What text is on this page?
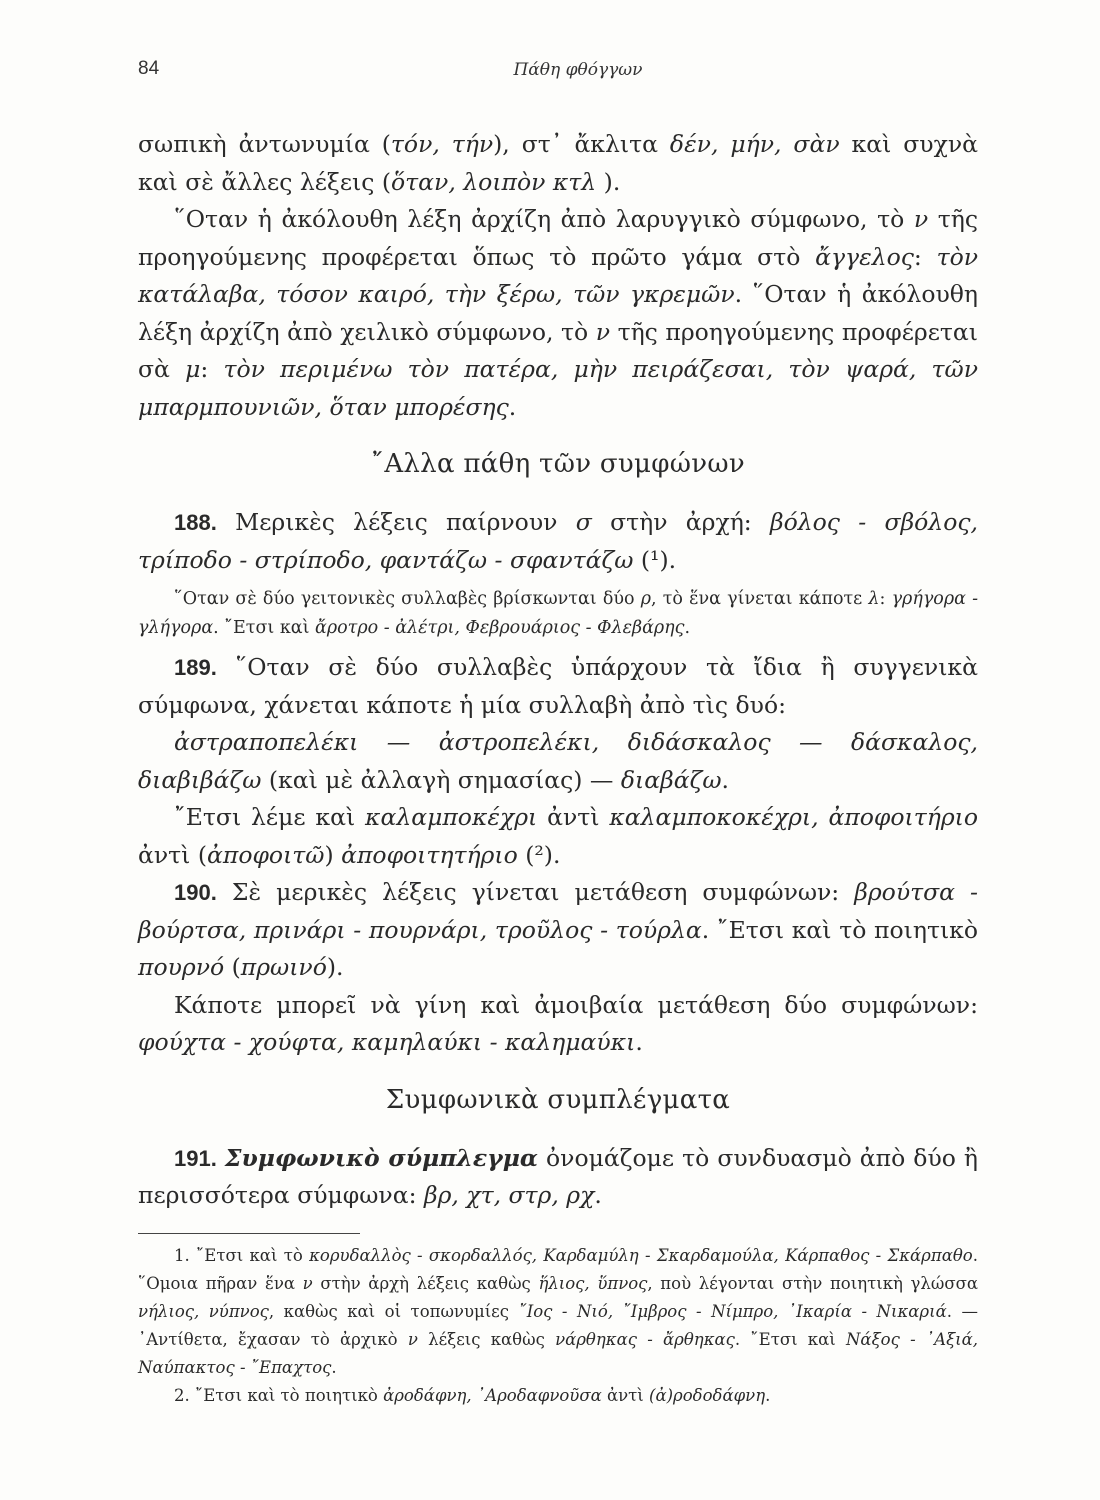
84	Πάθη φθόγγων

σωπικὴ ἀντωνυμία (τόν, τήν), στ᾿ ἄκλιτα δέν, μήν, σὰν καὶ συχνὰ καὶ σὲ ἄλλες λέξεις (ὅταν, λοιπὸν κτλ ).

῞Οταν ἡ ἀκόλουθη λέξη ἀρχίζη ἀπὸ λαρυγγικὸ σύμφωνο, τὸ ν τῆς προηγούμενης προφέρεται ὅπως τὸ πρῶτο γάμα στὸ ἄγγελος: τὸν κατάλαβα, τόσον καιρό, τὴν ξέρω, τῶν γκρεμῶν. ῞Οταν ἡ ἀκόλουθη λέξη ἀρχίζη ἀπὸ χειλικὸ σύμφωνο, τὸ ν τῆς προηγούμενης προφέρεται σὰ μ: τὸν περιμένω τὸν πατέρα, μὴν πειράζεσαι, τὸν ψαρά, τῶν μπαρμπουνιῶν, ὅταν μπορέσης.

῎Αλλα πάθη τῶν συμφώνων

188. Μερικὲς λέξεις παίρνουν σ στὴν ἀρχή: βόλος - σβόλος, τρίποδο - στρίποδο, φαντάζω - σφαντάζω (¹).

῞Οταν σὲ δύο γειτονικὲς συλλαβὲς βρίσκωνται δύο ρ, τὸ ἕνα γίνεται κάποτε λ: γρήγορα - γλήγορα. ῎Ετσι καὶ ἄροτρο - ἀλέτρι, Φεβρουάριος - Φλεβάρης.

189. ῞Οταν σὲ δύο συλλαβὲς ὑπάρχουν τὰ ἴδια ἢ συγγενικὰ σύμφωνα, χάνεται κάποτε ἡ μία συλλαβὴ ἀπὸ τὶς δυό:

ἀστραποπελέκι — ἀστροπελέκι, διδάσκαλος — δάσκαλος, διαβιβάζω (καὶ μὲ ἀλλαγὴ σημασίας) — διαβάζω.

῎Ετσι λέμε καὶ καλαμποκέχρι ἀντὶ καλαμποκοκέχρι, ἀποφοιτήριο ἀντὶ (ἀποφοιτῶ) ἀποφοιτητήριο (²).

190. Σὲ μερικὲς λέξεις γίνεται μετάθεση συμφώνων: βρούτσα - βούρτσα, πρινάρι - πουρνάρι, τροῦλος - τούρλα. ῎Ετσι καὶ τὸ ποιητικὸ πουρνό (πρωινό).

Κάποτε μπορεῖ νὰ γίνη καὶ ἀμοιβαία μετάθεση δύο συμφώνων: φούχτα - χούφτα, καμηλαύκι - καλημαύκι.

Συμφωνικὰ συμπλέγματα

191. Συμφωνικὸ σύμπλεγμα ὀνομάζομε τὸ συνδυασμὸ ἀπὸ δύο ἢ περισσότερα σύμφωνα: βρ, χτ, στρ, ρχ.

1. ῎Ετσι καὶ τὸ κορυδαλλὸς - σκορδαλλός, Καρδαμύλη - Σκαρδαμούλα, Κάρπαθος - Σκάρπαθο. ῞Ομοια πῆραν ἕνα ν στὴν ἀρχὴ λέξεις καθὼς ἥλιος, ὕπνος, ποὺ λέγονται στὴν ποιητικὴ γλώσσα νήλιος, νύπνος, καθὼς καὶ οἱ τοπωνυμίες ῎Ιος - Νιό, ῎Ιμβρος - Νίμπρο, ᾿Ικαρία - Νικαριά. — ᾿Αντίθετα, ἔχασαν τὸ ἀρχικὸ ν λέξεις καθὼς νάρθηκας - ἄρθηκας. ῎Ετσι καὶ Νάξος - ᾿Αξιά, Ναύπακτος - ῎Επαχτος.

2. ῎Ετσι καὶ τὸ ποιητικὸ ἀροδάφνη, ᾿Αροδαφνοῦσα ἀντὶ (ἀ)ροδοδάφνη.
